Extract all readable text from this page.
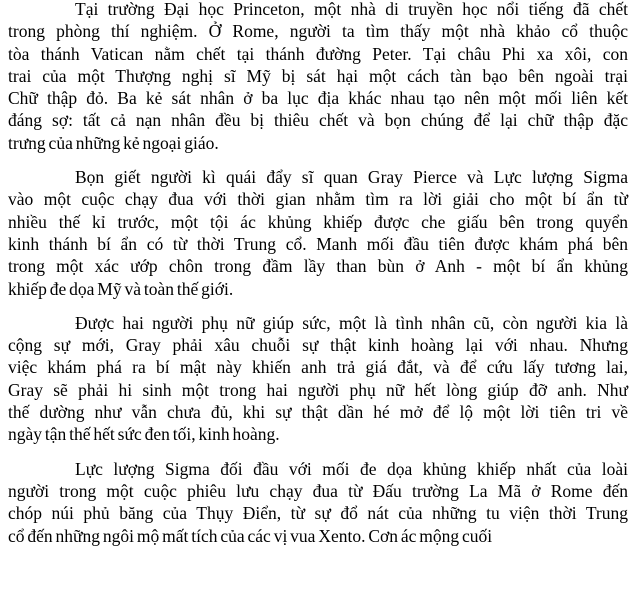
Tại trường Đại học Princeton, một nhà di truyền học nổi tiếng đã chết
trong phòng thí nghiệm. Ở Rome, người ta tìm thấy một nhà khảo cổ thuộc
tòa thánh Vatican nằm chết tại thánh đường Peter. Tại châu Phi xa xôi, con
trai của một Thượng nghị sĩ Mỹ bị sát hại một cách tàn bạo bên ngoài trại
Chữ thập đỏ. Ba kẻ sát nhân ở ba lục địa khác nhau tạo nên một mối liên kết
đáng sợ: tất cả nạn nhân đều bị thiêu chết và bọn chúng để lại chữ thập đặc
trưng của những kẻ ngoại giáo.

Bọn giết người kì quái đẩy sĩ quan Gray Pierce và Lực lượng Sigma
vào một cuộc chạy đua với thời gian nhằm tìm ra lời giải cho một bí ẩn từ
nhiều thế kỉ trước, một tội ác khủng khiếp được che giấu bên trong quyển
kinh thánh bí ẩn có từ thời Trung cổ. Manh mối đầu tiên được khám phá bên
trong một xác ướp chôn trong đầm lầy than bùn ở Anh - một bí ẩn khủng
khiếp đe dọa Mỹ và toàn thế giới.

Được hai người phụ nữ giúp sức, một là tình nhân cũ, còn người kia là
cộng sự mới, Gray phải xâu chuỗi sự thật kinh hoàng lại với nhau. Nhưng
việc khám phá ra bí mật này khiến anh trả giá đắt, và để cứu lấy tương lai,
Gray sẽ phải hi sinh một trong hai người phụ nữ hết lòng giúp đỡ anh. Như
thế dường như vẫn chưa đủ, khi sự thật dần hé mở để lộ một lời tiên tri về
ngày tận thế hết sức đen tối, kinh hoàng.

Lực lượng Sigma đối đầu với mối đe dọa khủng khiếp nhất của loài
người trong một cuộc phiêu lưu chạy đua từ Đấu trường La Mã ở Rome đến
chóp núi phủ băng của Thụy Điển, từ sự đổ nát của những tu viện thời Trung
cổ đến những ngôi mộ mất tích của các vị vua Xento. Cơn ác mộng cuối
